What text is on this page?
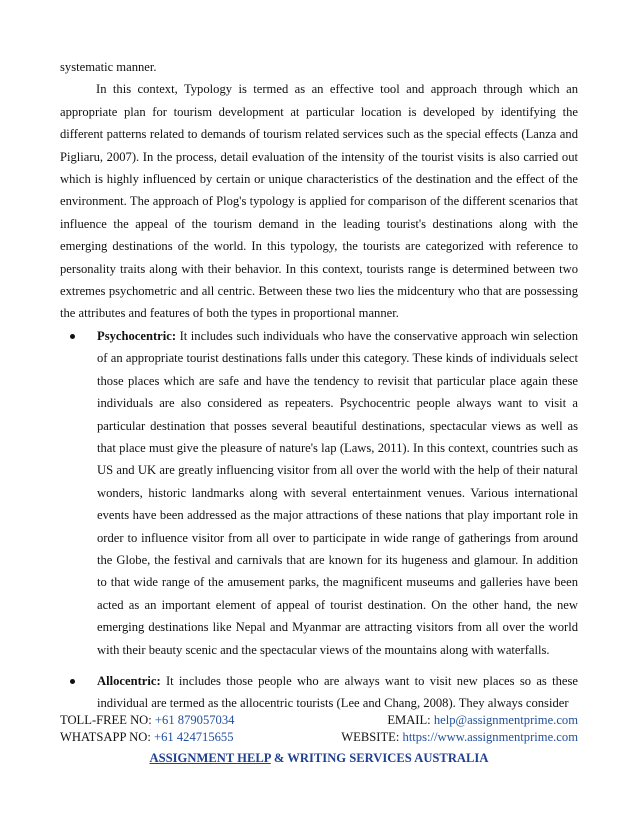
systematic manner.

In this context, Typology is termed as an effective tool and approach through which an appropriate plan for tourism development at particular location is developed by identifying the different patterns related to demands of tourism related services such as the special effects (Lanza and Pigliaru, 2007). In the process, detail evaluation of the intensity of the tourist visits is also carried out which is highly influenced by certain or unique characteristics of the destination and the effect of the environment. The approach of Plog's typology is applied for comparison of the different scenarios that influence the appeal of the tourism demand in the leading tourist's destinations along with the emerging destinations of the world. In this typology, the tourists are categorized with reference to personality traits along with their behavior. In this context, tourists range is determined between two extremes psychometric and all centric. Between these two lies the midcentury who that are possessing the attributes and features of both the types in proportional manner.

Psychocentric: It includes such individuals who have the conservative approach win selection of an appropriate tourist destinations falls under this category. These kinds of individuals select those places which are safe and have the tendency to revisit that particular place again these individuals are also considered as repeaters. Psychocentric people always want to visit a particular destination that posses several beautiful destinations, spectacular views as well as that place must give the pleasure of nature's lap (Laws, 2011). In this context, countries such as US and UK are greatly influencing visitor from all over the world with the help of their natural wonders, historic landmarks along with several entertainment venues. Various international events have been addressed as the major attractions of these nations that play important role in order to influence visitor from all over to participate in wide range of gatherings from around the Globe, the festival and carnivals that are known for its hugeness and glamour. In addition to that wide range of the amusement parks, the magnificent museums and galleries have been acted as an important element of appeal of tourist destination. On the other hand, the new emerging destinations like Nepal and Myanmar are attracting visitors from all over the world with their beauty scenic and the spectacular views of the mountains along with waterfalls.
Allocentric: It includes those people who are always want to visit new places so as these individual are termed as the allocentric tourists (Lee and Chang, 2008). They always consider
TOLL-FREE NO: +61 879057034	EMAIL: help@assignmentprime.com
WHATSAPP NO: +61 424715655	WEBSITE: https://www.assignmentprime.com
ASSIGNMENT HELP & WRITING SERVICES AUSTRALIA
